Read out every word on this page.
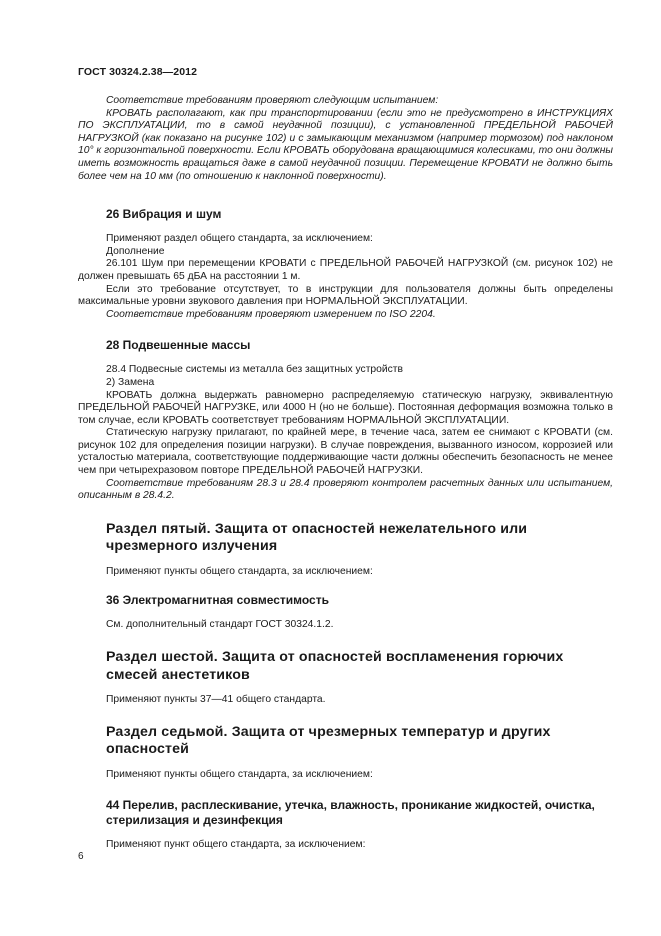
ГОСТ 30324.2.38—2012

Соответствие требованиям проверяют следующим испытанием:

КРОВАТЬ располагают, как при транспортировании (если это не предусмотрено в ИНСТРУКЦИЯХ ПО ЭКСПЛУАТАЦИИ, то в самой неудачной позиции), с установленной ПРЕДЕЛЬНОЙ РАБОЧЕЙ НАГРУЗКОЙ (как показано на рисунке 102) и с замыкающим механизмом (например тормозом) под наклоном 10° к горизонтальной поверхности. Если КРОВАТЬ оборудована вращающимися колесиками, то они должны иметь возможность вращаться даже в самой неудачной позиции. Перемещение КРОВАТИ не должно быть более чем на 10 мм (по отношению к наклонной поверхности).

26 Вибрация и шум

Применяют раздел общего стандарта, за исключением:

Дополнение

26.101 Шум при перемещении КРОВАТИ с ПРЕДЕЛЬНОЙ РАБОЧЕЙ НАГРУЗКОЙ (см. рисунок 102) не должен превышать 65 дБА на расстоянии 1 м.

Если это требование отсутствует, то в инструкции для пользователя должны быть определены максимальные уровни звукового давления при НОРМАЛЬНОЙ ЭКСПЛУАТАЦИИ.

Соответствие требованиям проверяют измерением по ISO 2204.

28 Подвешенные массы

28.4 Подвесные системы из металла без защитных устройств

2) Замена

КРОВАТЬ должна выдержать равномерно распределяемую статическую нагрузку, эквивалентную ПРЕДЕЛЬНОЙ РАБОЧЕЙ НАГРУЗКЕ, или 4000 Н (но не больше). Постоянная деформация возможна только в том случае, если КРОВАТЬ соответствует требованиям НОРМАЛЬНОЙ ЭКСПЛУАТАЦИИ.

Статическую нагрузку прилагают, по крайней мере, в течение часа, затем ее снимают с КРОВАТИ (см. рисунок 102 для определения позиции нагрузки). В случае повреждения, вызванного износом, коррозией или усталостью материала, соответствующие поддерживающие части должны обеспечить безопасность не менее чем при четырехразовом повторе ПРЕДЕЛЬНОЙ РАБОЧЕЙ НАГРУЗКИ.

Соответствие требованиям 28.3 и 28.4 проверяют контролем расчетных данных или испытанием, описанным в 28.4.2.

Раздел пятый. Защита от опасностей нежелательного или чрезмерного излучения

Применяют пункты общего стандарта, за исключением:

36 Электромагнитная совместимость

См. дополнительный стандарт ГОСТ 30324.1.2.

Раздел шестой. Защита от опасностей воспламенения горючих смесей анестетиков

Применяют пункты 37—41 общего стандарта.

Раздел седьмой. Защита от чрезмерных температур и других опасностей

Применяют пункты общего стандарта, за исключением:

44 Перелив, расплескивание, утечка, влажность, проникание жидкостей, очистка, стерилизация и дезинфекция

Применяют пункт общего стандарта, за исключением:

6
